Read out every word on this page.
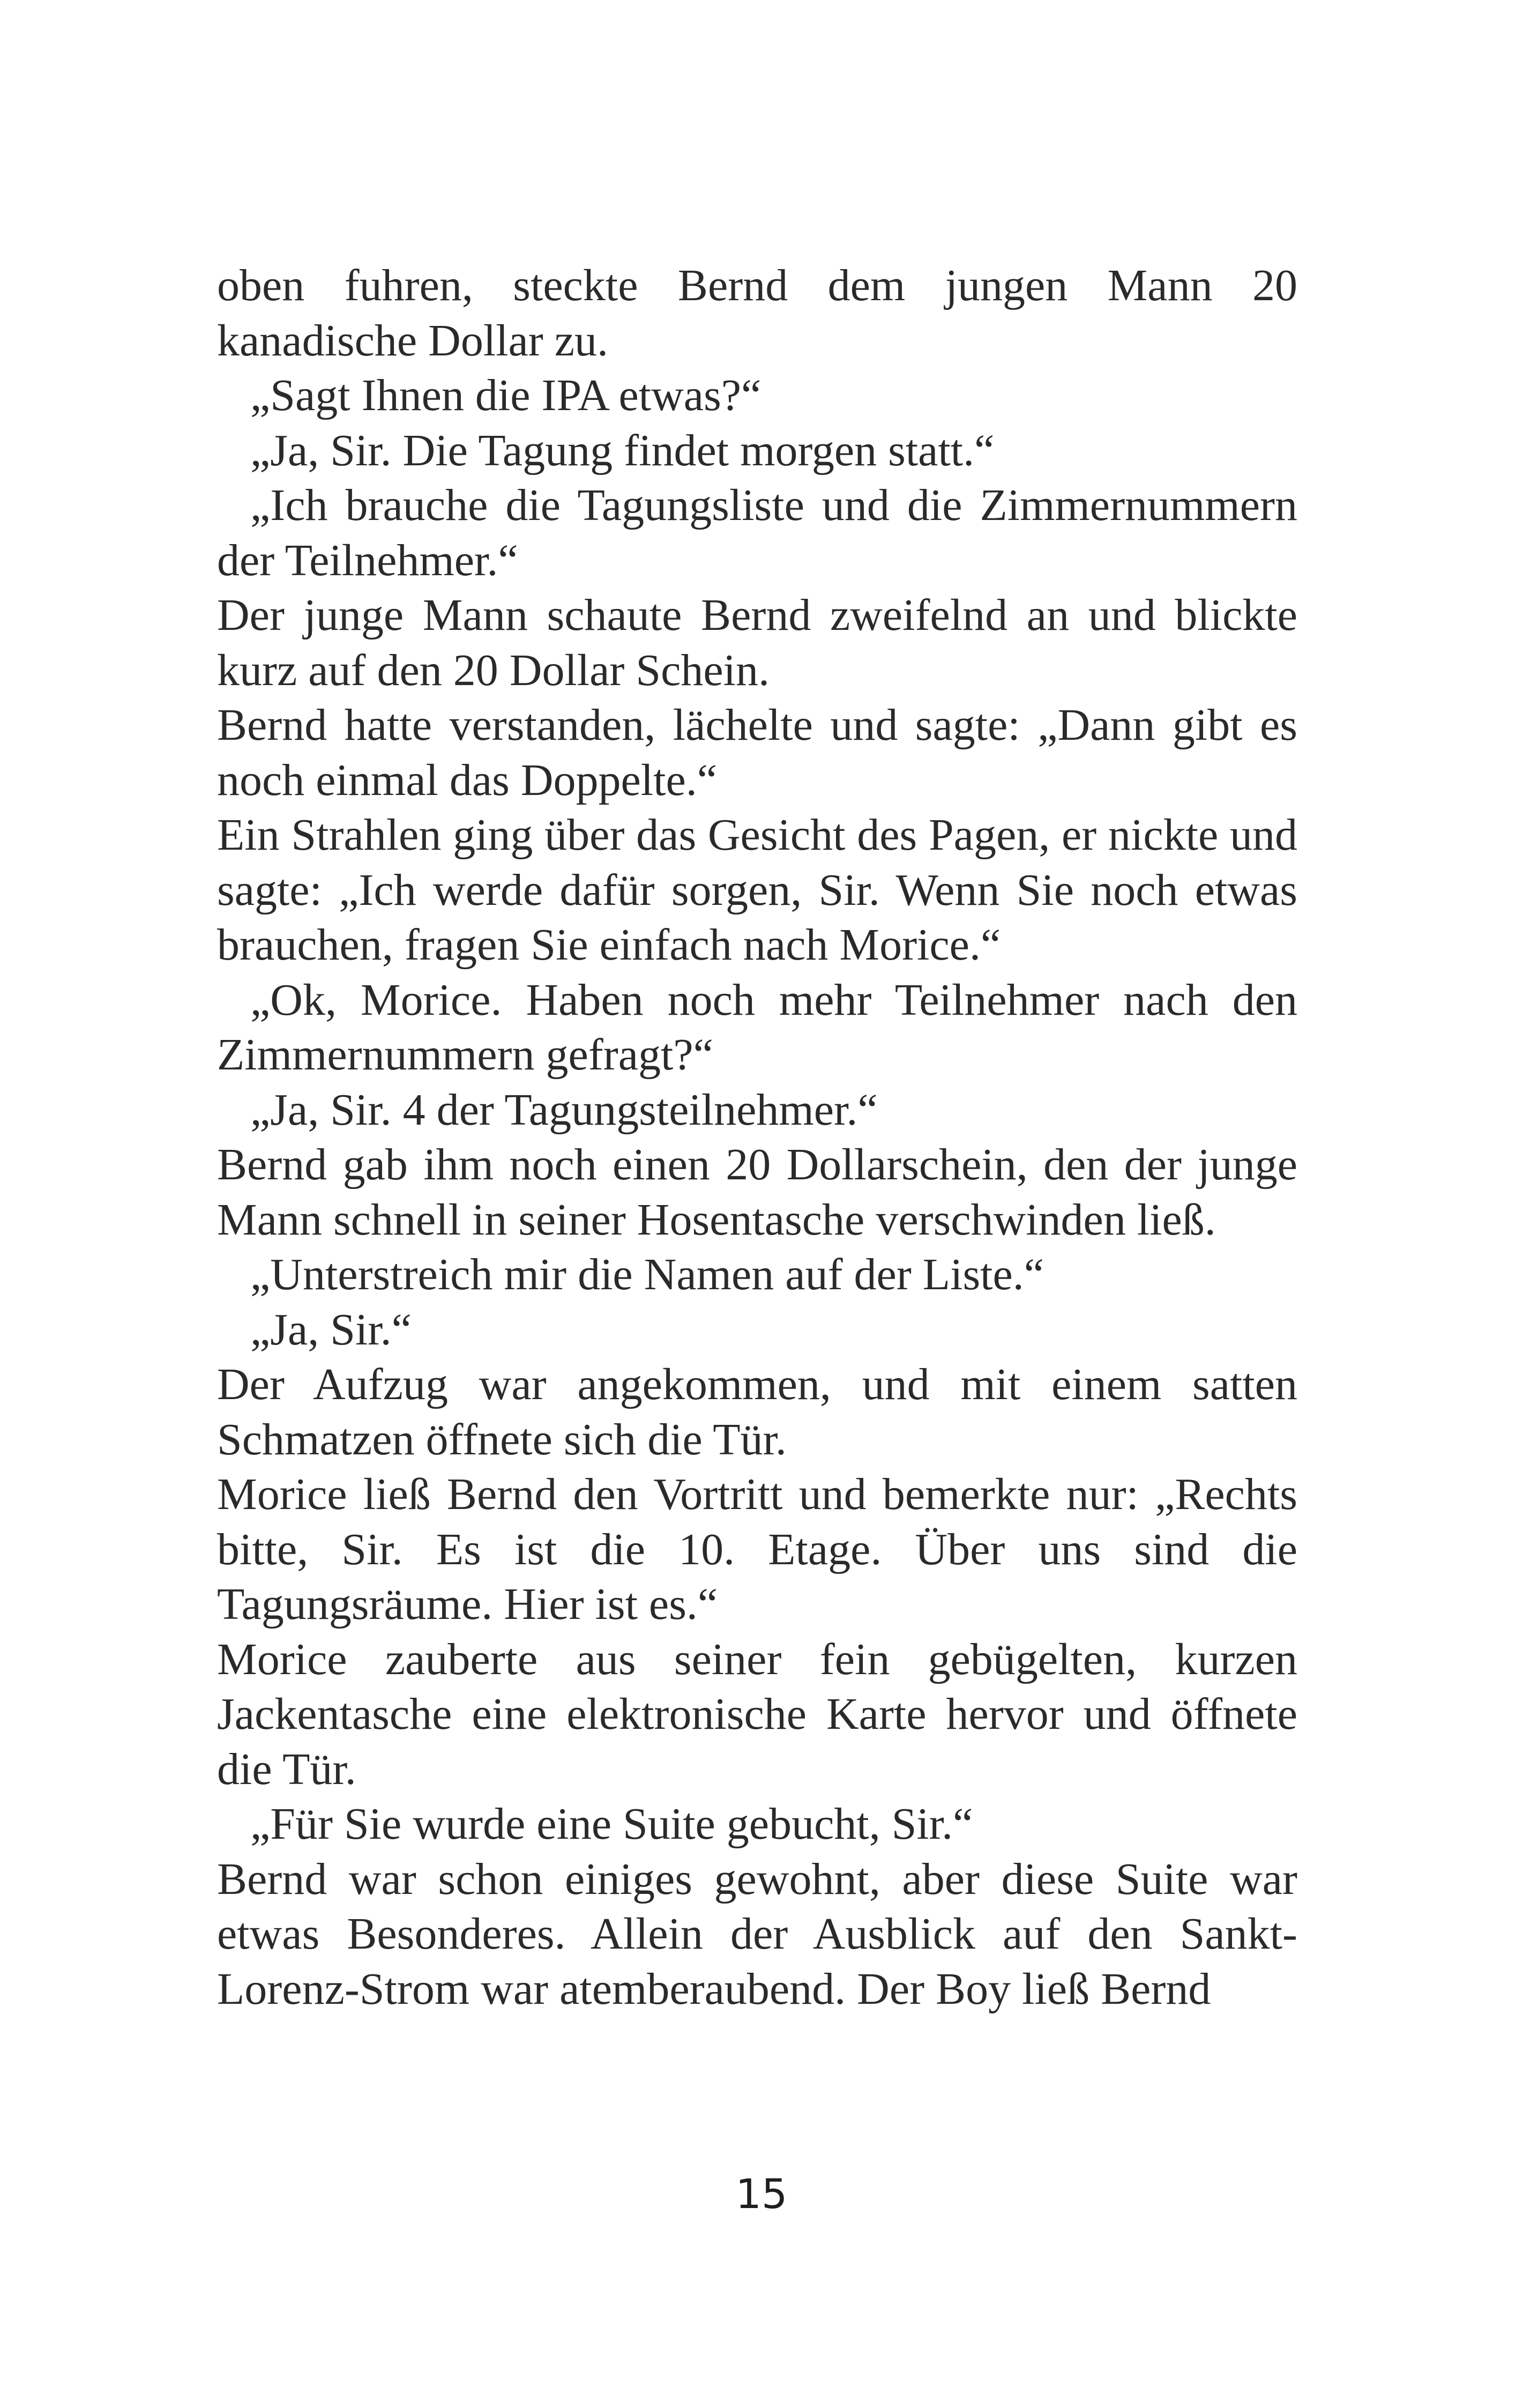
oben fuhren, steckte Bernd dem jungen Mann 20 kanadische Dollar zu.

„Sagt Ihnen die IPA etwas?“

„Ja, Sir. Die Tagung findet morgen statt.“

„Ich brauche die Tagungsliste und die Zimmernummern der Teilnehmer.“

Der junge Mann schaute Bernd zweifelnd an und blickte kurz auf den 20 Dollar Schein.

Bernd hatte verstanden, lächelte und sagte: „Dann gibt es noch einmal das Doppelte.“

Ein Strahlen ging über das Gesicht des Pagen, er nickte und sagte: „Ich werde dafür sorgen, Sir. Wenn Sie noch etwas brauchen, fragen Sie einfach nach Morice.“

„Ok, Morice. Haben noch mehr Teilnehmer nach den Zimmernummern gefragt?“

„Ja, Sir. 4 der Tagungsteilnehmer.“

Bernd gab ihm noch einen 20 Dollarschein, den der junge Mann schnell in seiner Hosentasche verschwinden ließ.

„Unterstreich mir die Namen auf der Liste.“

„Ja, Sir.“

Der Aufzug war angekommen, und mit einem satten Schmatzen öffnete sich die Tür.

Morice ließ Bernd den Vortritt und bemerkte nur: „Rechts bitte, Sir. Es ist die 10. Etage. Über uns sind die Tagungsräume. Hier ist es.“

Morice zauberte aus seiner fein gebügelten, kurzen Jackentasche eine elektronische Karte hervor und öffnete die Tür.

„Für Sie wurde eine Suite gebucht, Sir.“

Bernd war schon einiges gewohnt, aber diese Suite war etwas Besonderes. Allein der Ausblick auf den Sankt-Lorenz-Strom war atemberaubend. Der Boy ließ Bernd

15
